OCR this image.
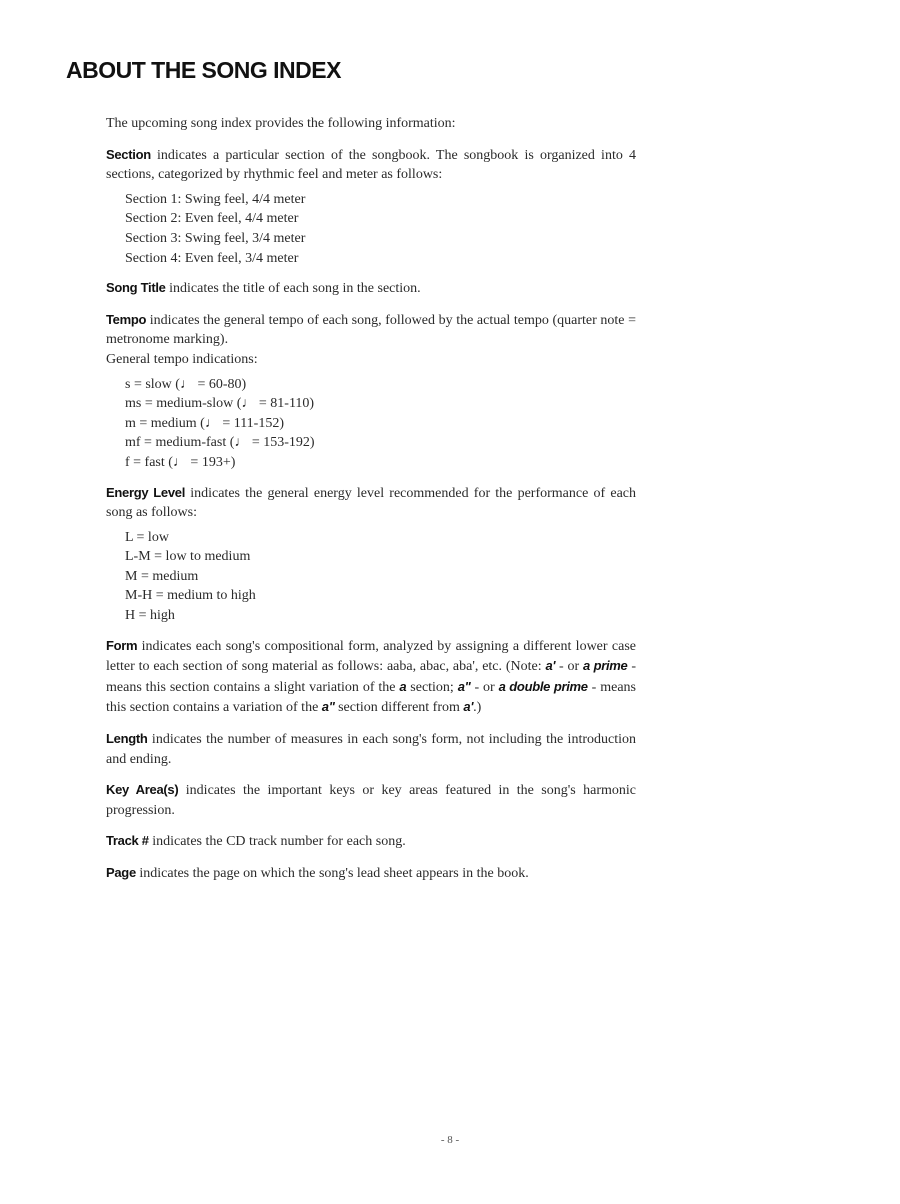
ABOUT THE SONG INDEX

The upcoming song index provides the following information:

Section indicates a particular section of the songbook. The songbook is organized into 4 sections, categorized by rhythmic feel and meter as follows:

Section 1: Swing feel, 4/4 meter
Section 2: Even feel, 4/4 meter
Section 3: Swing feel, 3/4 meter
Section 4: Even feel, 3/4 meter

Song Title indicates the title of each song in the section.

Tempo indicates the general tempo of each song, followed by the actual tempo (quarter note = metronome marking).
General tempo indications:

s = slow (♩ = 60-80)
ms = medium-slow (♩ = 81-110)
m = medium (♩ = 111-152)
mf = medium-fast (♩ = 153-192)
f = fast (♩ = 193+)

Energy Level indicates the general energy level recommended for the performance of each song as follows:

L = low
L-M = low to medium
M = medium
M-H = medium to high
H = high

Form indicates each song's compositional form, analyzed by assigning a different lower case letter to each section of song material as follows: aaba, abac, aba', etc. (Note: a' - or a prime - means this section contains a slight variation of the a section; a" - or a double prime - means this section contains a variation of the a" section different from a'.)

Length indicates the number of measures in each song's form, not including the introduction and ending.

Key Area(s) indicates the important keys or key areas featured in the song's harmonic progression.

Track # indicates the CD track number for each song.

Page indicates the page on which the song's lead sheet appears in the book.

- 8 -
